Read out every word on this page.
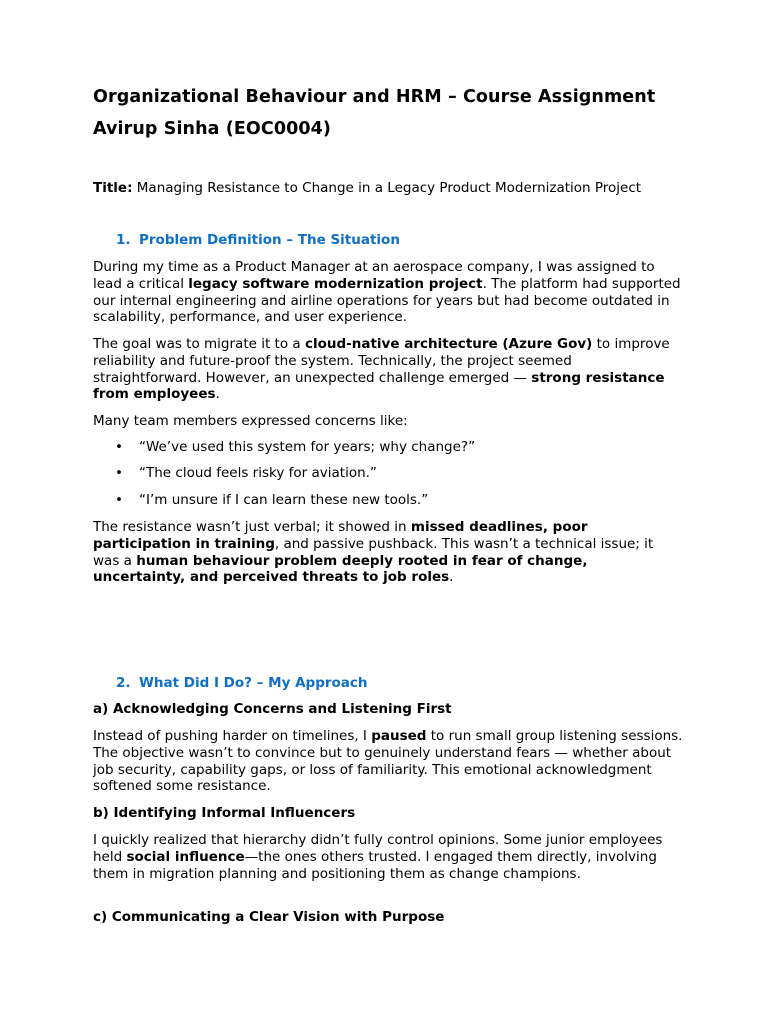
Organizational Behaviour and HRM – Course Assignment
Avirup Sinha (EOC0004)
Title: Managing Resistance to Change in a Legacy Product Modernization Project
1. Problem Definition – The Situation
During my time as a Product Manager at an aerospace company, I was assigned to lead a critical legacy software modernization project. The platform had supported our internal engineering and airline operations for years but had become outdated in scalability, performance, and user experience.
The goal was to migrate it to a cloud-native architecture (Azure Gov) to improve reliability and future-proof the system. Technically, the project seemed straightforward. However, an unexpected challenge emerged — strong resistance from employees.
Many team members expressed concerns like:
• “We’ve used this system for years; why change?”
• “The cloud feels risky for aviation.”
• “I’m unsure if I can learn these new tools.”
The resistance wasn’t just verbal; it showed in missed deadlines, poor participation in training, and passive pushback. This wasn’t a technical issue; it was a human behaviour problem deeply rooted in fear of change, uncertainty, and perceived threats to job roles.
2. What Did I Do? – My Approach
a) Acknowledging Concerns and Listening First
Instead of pushing harder on timelines, I paused to run small group listening sessions. The objective wasn’t to convince but to genuinely understand fears — whether about job security, capability gaps, or loss of familiarity. This emotional acknowledgment softened some resistance.
b) Identifying Informal Influencers
I quickly realized that hierarchy didn’t fully control opinions. Some junior employees held social influence—the ones others trusted. I engaged them directly, involving them in migration planning and positioning them as change champions.
c) Communicating a Clear Vision with Purpose
